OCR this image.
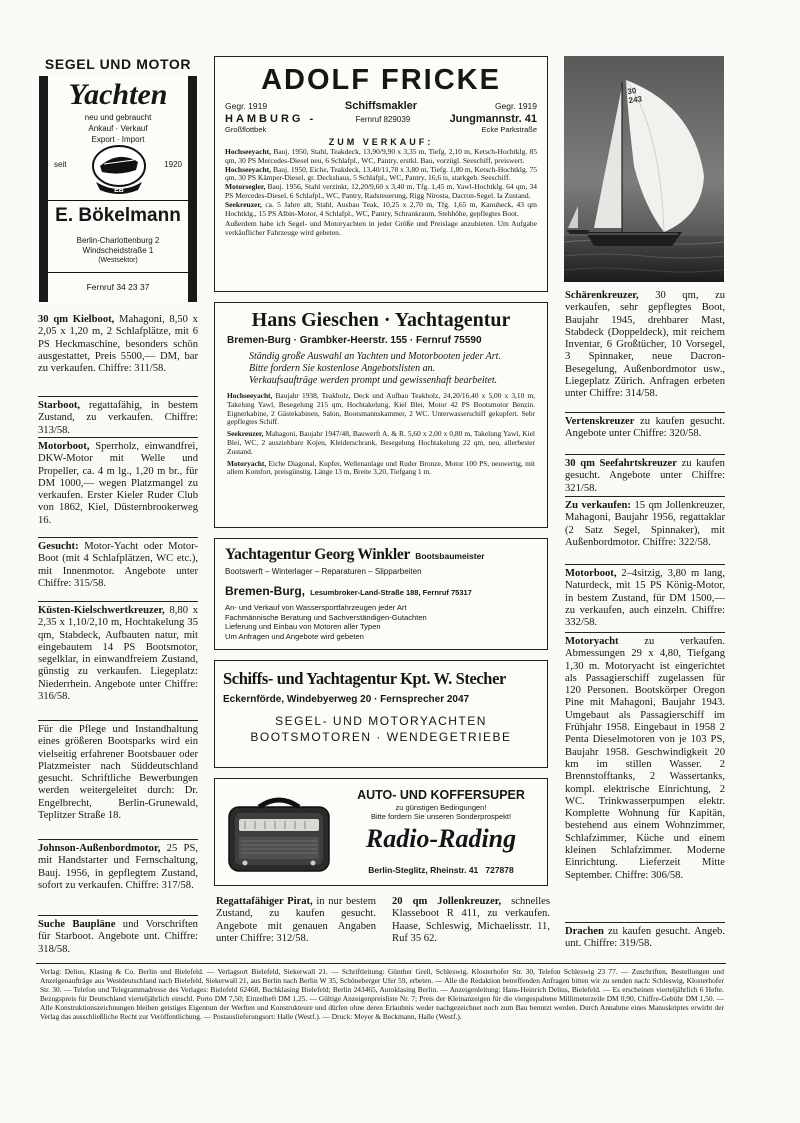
SEGEL UND MOTOR
Yachten
neu und gebraucht
Ankauf · Verkauf
Export · Import
seit	1920
EB
E. Bökelmann
Berlin-Charlottenburg 2
Windscheidstraße 1
(Westsektor)
Fernruf 34 23 37
30 qm Kielboot, Mahagoni, 8,50 x 2,05 x 1,20 m, 2 Schlafplätze, mit 6 PS Heckmaschine, besonders schön ausgestattet, Preis 5500,— DM, bar zu verkaufen. Chiffre: 311/58.
Starboot, regattafähig, in bestem Zustand, zu verkaufen. Chiffre: 313/58.
Motorboot, Sperrholz, einwandfrei, DKW-Motor mit Welle und Propeller, ca. 4 m lg., 1,20 m br., für DM 1000,— wegen Platzmangel zu verkaufen. Erster Kieler Ruder Club von 1862, Kiel, Düsternbrookerweg 16.
Gesucht: Motor-Yacht oder Motor-Boot (mit 4 Schlafplätzen, WC etc.), mit Innenmotor. Angebote unter Chiffre: 315/58.
Küsten-Kielschwertkreuzer, 8,80 x 2,35 x 1,10/2,10 m, Hochtakelung 35 qm, Stabdeck, Aufbauten natur, mit eingebautem 14 PS Bootsmotor, segelklar, in einwandfreiem Zustand, günstig zu verkaufen. Liegeplatz: Niederrhein. Angebote unter Chiffre: 316/58.
Für die Pflege und Instandhaltung eines größeren Bootsparks wird ein vielseitig erfahrener Bootsbauer oder Platzmeister nach Süddeutschland gesucht. Schriftliche Bewerbungen werden weitergeleitet durch: Dr. Engelbrecht, Berlin-Grunewald, Teplitzer Straße 18.
Johnson-Außenbordmotor, 25 PS, mit Handstarter und Fernschaltung, Bauj. 1956, in gepflegtem Zustand, sofort zu verkaufen. Chiffre: 317/58.
Suche Baupläne und Vorschriften für Starboot. Angebote unt. Chiffre: 318/58.
ADOLF FRICKE
Gegr. 1919	Schiffsmakler	Gegr. 1919
HAMBURG -	Fernruf 829039	Jungmannstr. 41
Großflottbek	Ecke Parkstraße
ZUM VERKAUF:
Hochseeyacht, Bauj. 1950, Stahl, Teakdeck, 13,90/9,90 x 3,35 m, Tiefg. 2,10 m, Ketsch-Hochtklg. 85 qm, 30 PS Mercedes-Diesel neu, 6 Schlafpl., WC, Pantry, erstkl. Bau, vorzügl. Seeschiff, preiswert.
Hochseeyacht, Bauj. 1950, Eiche, Teakdeck, 13,40/11,78 x 3,80 m, Tiefg. 1,80 m, Ketsch-Hochtklg. 75 qm, 30 PS Kämper-Diesel, gr. Deckshaus, 5 Schlafpl., WC, Pantry, 16,6 ts, starkgeb. Seeschiff.
Motorsegler, Bauj. 1956, Stahl verzinkt, 12,20/9,60 x 3,40 m, Tfg. 1,45 m, Yawl-Hochtklg. 64 qm, 34 PS Mercedes-Diesel, 6 Schlafpl., WC, Pantry, Radsteuerung, Rigg Nirosta, Dacron-Segel. Ia Zustand.
Seekreuzer, ca. 5 Jahre alt, Stahl, Ausbau Teak, 10,25 x 2,70 m, Tfg. 1,65 m, Kanuheck, 43 qm Hochtklg., 15 PS Albin-Motor, 4 Schlafpl., WC, Pantry, Schrankraum, Stehhöhe, gepflegtes Boot.
Außerdem habe ich Segel- und Motoryachten in jeder Größe und Preislage anzubieten. Um Aufgabe verkäuflicher Fahrzeuge wird gebeten.
30 243
Hans Gieschen · Yachtagentur
Bremen-Burg · Grambker-Heerstr. 155 · Fernruf 75590
Ständig große Auswahl an Yachten und Motorbooten jeder Art.
Bitte fordern Sie kostenlose Angebotslisten an.
Verkaufsaufträge werden prompt und gewissenhaft bearbeitet.
Hochseeyacht, Baujahr 1938, Teakholz, Deck und Aufbau Teakholz, 24,20/16,40 x 5,00 x 3,10 m, Takelung Yawl, Besegelung 215 qm, Hochtakelung, Kiel Blei, Motor 42 PS Bootsmotor Benzin. Eignerkabine, 2 Gästekabinen, Salon, Bootsmannskammer, 2 WC. Unterwasserschiff gekupfert. Sehr gepflegtes Schiff.
Seekreuzer, Mahagoni, Baujahr 1947/48, Bauwerft A. & R. 5,60 x 2,00 x 0,80 m, Takelung Yawl, Kiel Blei, WC, 2 ausziehbare Kojen, Kleiderschrank, Besegelung Hochtakelung 22 qm, neu, allerbester Zustand.
Motoryacht, Eiche Diagonal, Kupfer, Wellenanlage und Ruder Bronze, Motor 100 PS, neuwertig, mit allem Komfort, preisgünstig. Länge 13 m, Breite 3,20, Tiefgang 1 m.
Yachtagentur Georg Winkler Bootsbaumeister
Bootswerft – Winterlager – Reparaturen – Slipparbeiten
Bremen-Burg, Lesumbroker-Land-Straße 188, Fernruf 75317
An- und Verkauf von Wassersportfahrzeugen jeder Art
Fachmännische Beratung und Sachverständigen-Gutachten
Lieferung und Einbau von Motoren aller Typen
Um Anfragen und Angebote wird gebeten
Schiffs- und Yachtagentur Kpt. W. Stecher
Eckernförde, Windebyerweg 20 · Fernsprecher 2047
SEGEL- UND MOTORYACHTEN
BOOTSMOTOREN · WENDEGETRIEBE
AUTO- UND KOFFERSUPER
zu günstigen Bedingungen!
Bitte fordern Sie unseren Sonderprospekt!
Radio-Rading
Berlin-Steglitz, Rheinstr. 41   727878
Regattafähiger Pirat, in nur bestem Zustand, zu kaufen gesucht. Angebote mit genauen Angaben unter Chiffre: 312/58.
20 qm Jollenkreuzer, schnelles Klasseboot R 411, zu verkaufen. Haase, Schleswig, Michaelisstr. 11, Ruf 35 62.
Schärenkreuzer, 30 qm, zu verkaufen, sehr gepflegtes Boot, Baujahr 1945, drehbarer Mast, Stabdeck (Doppeldeck), mit reichem Inventar, 6 Großtücher, 10 Vorsegel, 3 Spinnaker, neue Dacron-Besegelung, Außenbordmotor usw., Liegeplatz Zürich. Anfragen erbeten unter Chiffre: 314/58.
Vertenskreuzer zu kaufen gesucht. Angebote unter Chiffre: 320/58.
30 qm Seefahrtskreuzer zu kaufen gesucht. Angebote unter Chiffre: 321/58.
Zu verkaufen: 15 qm Jollenkreuzer, Mahagoni, Baujahr 1956, regattaklar (2 Satz Segel, Spinnaker), mit Außenbordmotor. Chiffre: 322/58.
Motorboot, 2–4sitzig, 3,80 m lang, Naturdeck, mit 15 PS König-Motor, in bestem Zustand, für DM 1500,— zu verkaufen, auch einzeln. Chiffre: 332/58.
Motoryacht zu verkaufen. Abmessungen 29 x 4,80, Tiefgang 1,30 m. Motoryacht ist eingerichtet als Passagierschiff zugelassen für 120 Personen. Bootskörper Oregon Pine mit Mahagoni, Baujahr 1943. Umgebaut als Passagierschiff im Frühjahr 1958. Eingebaut in 1958 2 Penta Dieselmotoren von je 103 PS, Baujahr 1958. Geschwindigkeit 20 km im stillen Wasser. 2 Brennstofftanks, 2 Wassertanks, kompl. elektrische Einrichtung, 2 WC. Trinkwasserpumpen elektr. Komplette Wohnung für Kapitän, bestehend aus einem Wohnzimmer, Schlafzimmer, Küche und einem kleinen Schlafzimmer. Moderne Einrichtung. Lieferzeit Mitte September. Chiffre: 306/58.
Drachen zu kaufen gesucht. Angeb. unt. Chiffre: 319/58.
Verlag: Delius, Klasing & Co. Berlin und Bielefeld. — Verlagsort Bielefeld, Siekerwall 21. — Schriftleitung: Günther Grell, Schleswig, Klosterhofer Str. 30, Telefon Schleswig 23 77. — Zuschriften, Bestellungen und Anzeigenaufträge aus Westdeutschland nach Bielefeld, Siekerwall 21, aus Berlin nach Berlin W 35, Schöneberger Ufer 59, erbeten. — Alle die Redaktion betreffenden Anfragen bitten wir zu senden nach: Schleswig, Klosterhofer Str. 30. — Telefon und Telegrammadresse des Verlages: Bielefeld 62468, Buchklasing Bielefeld; Berlin 243465, Autoklasing Berlin. — Anzeigenleitung: Hans-Heinrich Delius, Bielefeld. — Es erscheinen vierteljährlich 6 Hefte. Bezugspreis für Deutschland vierteljährlich einschl. Porto DM 7,50; Einzelheft DM 1,25. — Gültige Anzeigenpreisliste Nr. 7; Preis der Kleinanzeigen für die viergespaltene Millimeterzeile DM 0,90, Chiffre-Gebühr DM 1,50. — Alle Konstruktionszeichnungen bleiben geistiges Eigentum der Werften und Konstrukteure und dürfen ohne deren Erlaubnis weder nachgezeichnet noch zum Bau benutzt werden. Durch Annahme eines Manuskriptes erwirbt der Verlag das ausschließliche Recht zur Veröffentlichung. — Postauslieferungsort: Halle (Westf.). — Druck: Meyer & Beckmann, Halle (Westf.).
